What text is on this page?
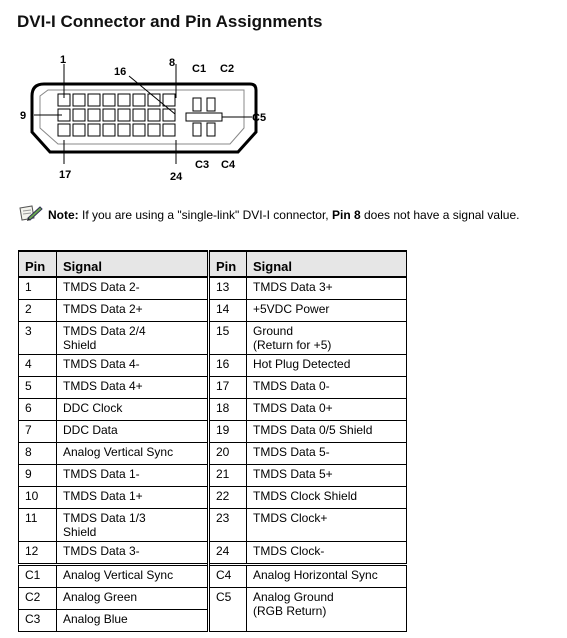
DVI-I Connector and Pin Assignments
1	8
16
9
17	24
C1 C2
C5
C3 C4
Note: If you are using a "single-link" DVI-I connector, Pin 8 does not have a signal value.
Pin	Signal	Pin	Signal
1	TMDS Data 2-	13	TMDS Data 3+

2	TMDS Data 2+	14	+5VDC Power

3	TMDS Data 2/4
Shield	15	Ground
(Return for +5)

4	TMDS Data 4-	16	Hot Plug Detected

5	TMDS Data 4+	17	TMDS Data 0-

6	DDC Clock	18	TMDS Data 0+

7	DDC Data	19	TMDS Data 0/5 Shield

8	Analog Vertical Sync	20	TMDS Data 5-

9	TMDS Data 1-	21	TMDS Data 5+

10	TMDS Data 1+	22	TMDS Clock Shield

11	TMDS Data 1/3
Shield	23	TMDS Clock+

12	TMDS Data 3-	24	TMDS Clock-

C1	Analog Vertical Sync	C4	Analog Horizontal Sync
C2	Analog Green	C5	Analog Ground
(RGB Return)

C3	Analog Blue		
